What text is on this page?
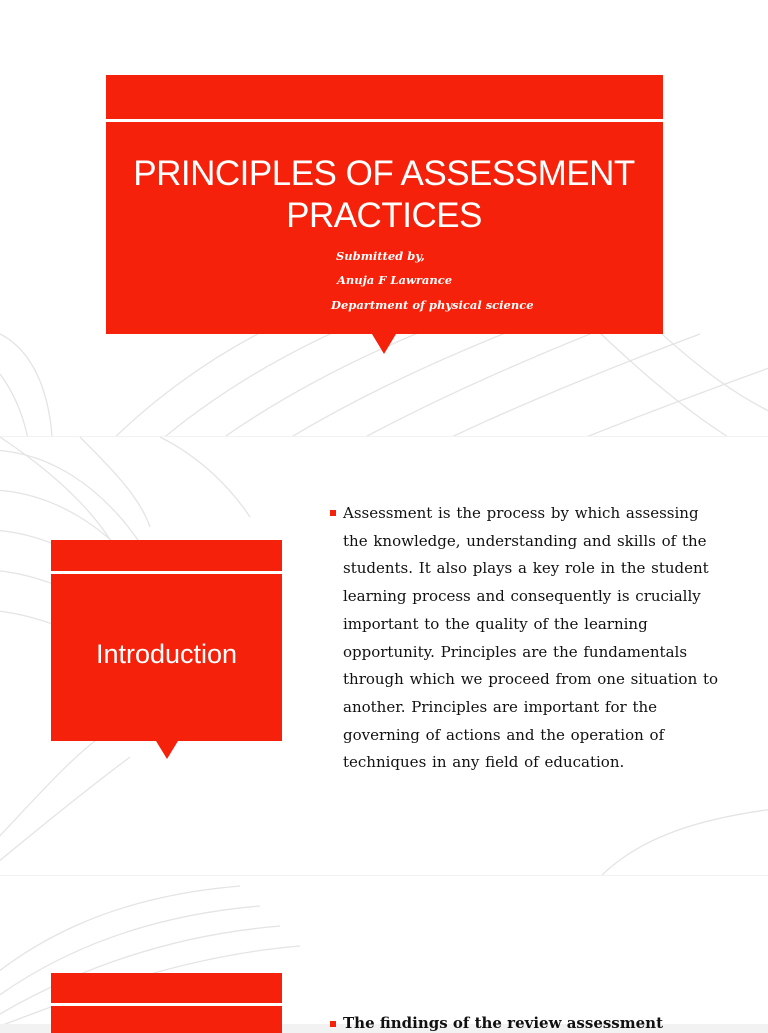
PRINCIPLES OF ASSESSMENT
PRACTICES
Submitted by,
Anuja F Lawrance
Department of physical science
Introduction
Assessment is the process by which assessing the knowledge, understanding and skills of the students. It also plays a key role in the student learning process and consequently is crucially important to the quality of the learning opportunity. Principles are the fundamentals through which we proceed from one situation to another. Principles are important for the governing of actions and the operation of techniques in any field of education.
The findings of the review assessment
